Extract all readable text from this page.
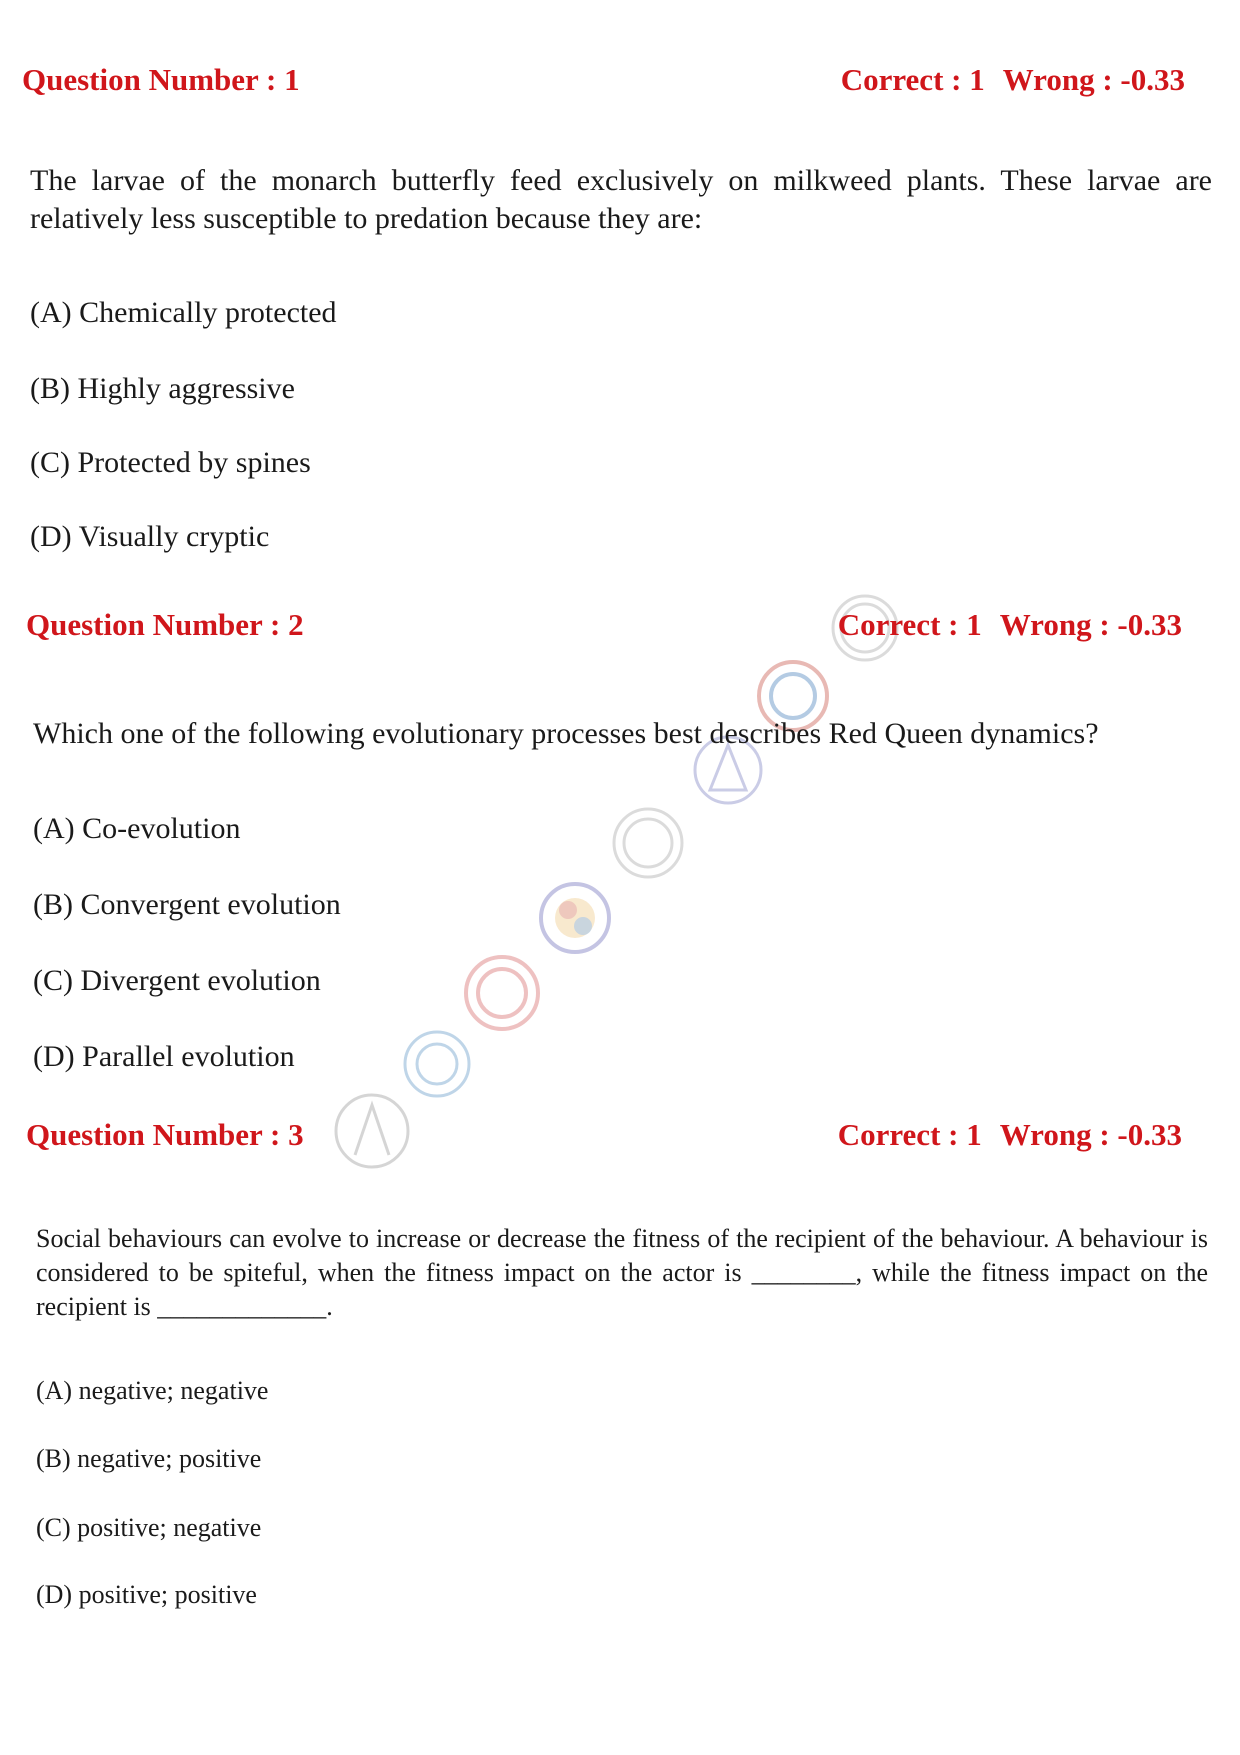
Question Number : 1	Correct : 1 Wrong : -0.33
The larvae of the monarch butterfly feed exclusively on milkweed plants. These larvae are relatively less susceptible to predation because they are:
(A) Chemically protected
(B) Highly aggressive
(C) Protected by spines
(D) Visually cryptic
Question Number : 2	Correct : 1 Wrong : -0.33
Which one of the following evolutionary processes best describes Red Queen dynamics?
(A) Co-evolution
(B) Convergent evolution
(C) Divergent evolution
(D) Parallel evolution
Question Number : 3	Correct : 1 Wrong : -0.33
Social behaviours can evolve to increase or decrease the fitness of the recipient of the behaviour. A behaviour is considered to be spiteful, when the fitness impact on the actor is ________, while the fitness impact on the recipient is _____________.
(A) negative; negative
(B) negative; positive
(C) positive; negative
(D) positive; positive
